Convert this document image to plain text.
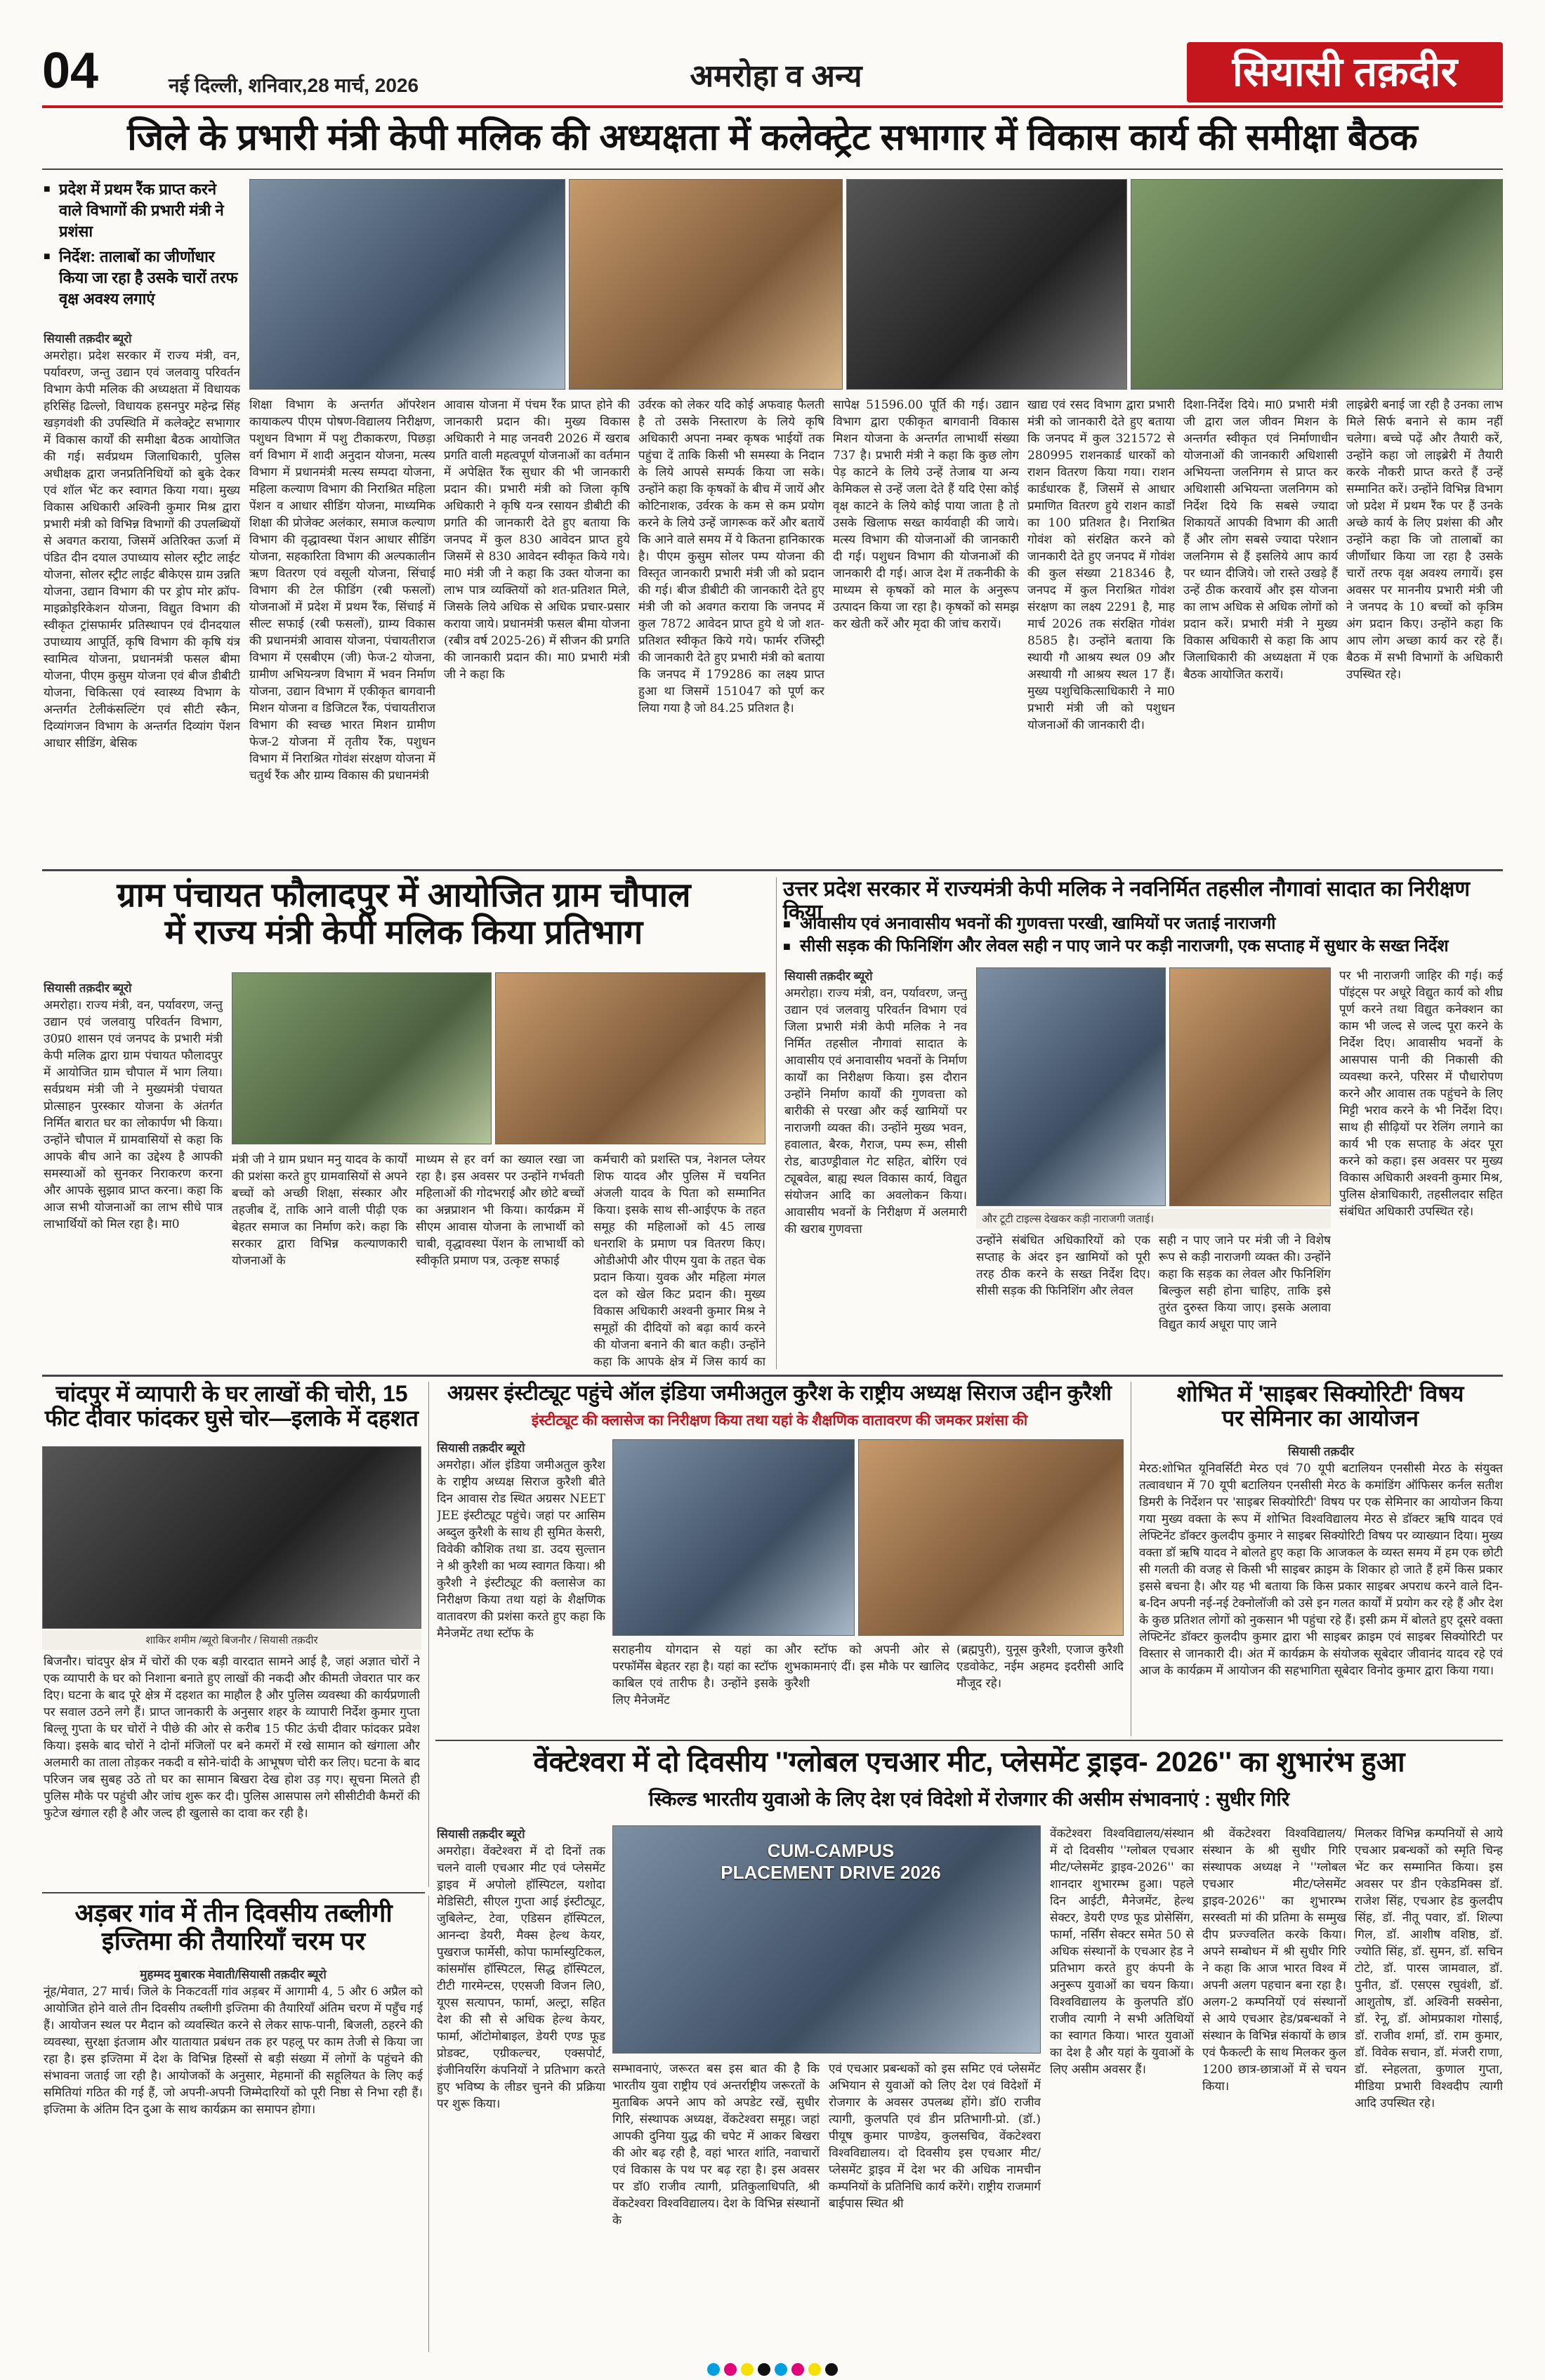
04	नई दिल्ली, शनिवार,28 मार्च, 2026	अमरोहा व अन्य	सियासी तक़दीर
जिले के प्रभारी मंत्री केपी मलिक की अध्यक्षता में कलेक्ट्रेट सभागार में विकास कार्य की समीक्षा बैठक
■ प्रदेश में प्रथम रैंक प्राप्त करने वाले विभागों की प्रभारी मंत्री ने प्रशंसा
■ निर्देश: तालाबों का जीर्णोधार किया जा रहा है उसके चारों तरफ वृक्ष अवश्य लगाएं
सियासी तक़दीर ब्यूरो
अमरोहा। प्रदेश सरकार में राज्य मंत्री, वन, पर्यावरण, जन्तु उद्यान एवं जलवायु परिवर्तन विभाग केपी मलिक की अध्यक्षता में विधायक हरिसिंह ढिल्लो, विधायक हसनपुर महेन्द्र सिंह खड़गवंशी की उपस्थिति में कलेक्ट्रेट सभागार में विकास कार्यों की समीक्षा बैठक आयोजित की गई। सर्वप्रथम जिलाधिकारी, पुलिस अधीक्षक द्वारा जनप्रतिनिधियों को बुके देकर एवं शॉल भेंट कर स्वागत किया गया। मुख्य विकास अधिकारी अश्विनी कुमार मिश्र द्वारा प्रभारी मंत्री को विभिन्न विभागों की उपलब्धियों से अवगत कराया, जिसमें अतिरिक्त ऊर्जा में पंडित दीन दयाल उपाध्याय सोलर स्ट्रीट लाईट योजना, सोलर स्ट्रीट लाईट बीकेएस ग्राम उन्नति योजना, उद्यान विभाग की पर ड्रोप मोर क्रॉप-माइक्रोइरिकेशन योजना, विद्युत विभाग की स्वीकृत ट्रांसफार्मर प्रतिस्थापन एवं दीनदयाल उपाध्याय आपूर्ति, कृषि विभाग की कृषि यंत्र स्वामित्व योजना, प्रधानमंत्री फसल बीमा योजना, पीएम कुसुम योजना एवं बीज डीबीटी योजना, चिकित्सा एवं स्वास्थ्य विभाग के अन्तर्गत टेलीकंसल्टिंग एवं सीटी स्कैन, दिव्यांगजन विभाग के अन्तर्गत दिव्यांग पेंशन आधार सीडिंग, बेसिक
शिक्षा विभाग के अन्तर्गत ऑपरेशन कायाकल्प पीएम पोषण-विद्यालय निरीक्षण, पशुधन विभाग में पशु टीकाकरण, पिछड़ा वर्ग विभाग में शादी अनुदान योजना, मत्स्य विभाग में प्रधानमंत्री मत्स्य सम्पदा योजना, महिला कल्याण विभाग की निराश्रित महिला पेंशन व आधार सीडिंग योजना, माध्यमिक शिक्षा की प्रोजेक्ट अलंकार, समाज कल्याण विभाग की वृद्धावस्था पेंशन आधार सीडिंग योजना, सहकारिता विभाग की अल्पकालीन ऋण वितरण एवं वसूली योजना, सिंचाई विभाग की टेल फीडिंग (रबी फसलों) योजनाओं में प्रदेश में प्रथम रैंक, सिंचाई में सील्ट सफाई (रबी फसलों), ग्राम्य विकास की प्रधानमंत्री आवास योजना, पंचायतीराज विभाग में एसबीएम (जी) फेज-2 योजना, ग्रामीण अभियन्त्रण विभाग में भवन निर्माण योजना, उद्यान विभाग में एकीकृत बागवानी मिशन योजना व डिजिटल रैंक, पंचायतीराज विभाग की स्वच्छ भारत मिशन ग्रामीण फेज-2 योजना में तृतीय रैंक, पशुधन विभाग में निराश्रित गोवंश संरक्षण योजना में चतुर्थ रैंक और ग्राम्य विकास की प्रधानमंत्री
आवास योजना में पंचम रैंक प्राप्त होने की जानकारी प्रदान की। मुख्य विकास अधिकारी ने माह जनवरी 2026 में खराब प्रगति वाली महत्वपूर्ण योजनाओं का वर्तमान में अपेक्षित रैंक सुधार की भी जानकारी प्रदान की। प्रभारी मंत्री को जिला कृषि अधिकारी ने कृषि यन्त्र रसायन डीबीटी की प्रगति की जानकारी देते हुए बताया कि जनपद में कुल 830 आवेदन प्राप्त हुये जिसमें से 830 आवेदन स्वीकृत किये गये। मा0 मंत्री जी ने कहा कि उक्त योजना का लाभ पात्र व्यक्तियों को शत-प्रतिशत मिले, जिसके लिये अधिक से अधिक प्रचार-प्रसार कराया जाये। प्रधानमंत्री फसल बीमा योजना (रबीेत्र वर्ष 2025-26) में सीजन की प्रगति की जानकारी प्रदान की। मा0 प्रभारी मंत्री जी ने कहा कि
उर्वरक को लेकर यदि कोई अफवाह फैलती है तो उसके निस्तारण के लिये कृषि अधिकारी अपना नम्बर कृषक भाईयों तक पहुंचा दें ताकि किसी भी समस्या के निदान के लिये आपसे सम्पर्क किया जा सके। उन्होंने कहा कि कृषकों के बीच में जायें और कोटिनाशक, उर्वरक के कम से कम प्रयोग करने के लिये उन्हें जागरूक करें और बतायें कि आने वाले समय में ये कितना हानिकारक है। पीएम कुसुम सोलर पम्प योजना की विस्तृत जानकारी प्रभारी मंत्री जी को प्रदान की गई। बीज डीबीटी की जानकारी देते हुए मंत्री जी को अवगत कराया कि जनपद में कुल 7872 आवेदन प्राप्त हुये थे जो शत-प्रतिशत स्वीकृत किये गये। फार्मर रजिस्ट्री की जानकारी देते हुए प्रभारी मंत्री को बताया कि जनपद में 179286 का लक्ष्य प्राप्त हुआ था जिसमें 151047 को पूर्ण कर लिया गया है जो 84.25 प्रतिशत है।
सापेक्ष 51596.00 पूर्ति की गई। उद्यान विभाग द्वारा एकीकृत बागवानी विकास मिशन योजना के अन्तर्गत लाभार्थी संख्या 737 है। प्रभारी मंत्री ने कहा कि कुछ लोग पेड़ काटने के लिये उन्हें तेजाब या अन्य केमिकल से उन्हें जला देते हैं यदि ऐसा कोई वृक्ष काटने के लिये कोई पाया जाता है तो उसके खिलाफ सख्त कार्यवाही की जाये। मत्स्य विभाग की योजनाओं की जानकारी दी गई। पशुधन विभाग की योजनाओं की जानकारी दी गई। आज देश में तकनीकी के माध्यम से कृषकों को माल के अनुरूप उत्पादन किया जा रहा है। कृषकों को समझ कर खेती करें और मृदा की जांच करायें।
खाद्य एवं रसद विभाग द्वारा प्रभारी मंत्री को जानकारी देते हुए बताया कि जनपद में कुल 321572 से 280995 राशनकार्ड धारकों को राशन वितरण किया गया। राशन कार्डधारक हैं, जिसमें से आधार प्रमाणित वितरण हुये राशन कार्डों का 100 प्रतिशत है। निराश्रित गोवंश को संरक्षित करने को जानकारी देते हुए जनपद में गोवंश की कुल संख्या 218346 है, जनपद में कुल निराश्रित गोवंश संरक्षण का लक्ष्य 2291 है, माह मार्च 2026 तक संरक्षित गोवंश 8585 है। उन्होंने बताया कि स्थायी गौ आश्रय स्थल 09 और अस्थायी गौ आश्रय स्थल 17 हैं। मुख्य पशुचिकित्साधिकारी ने मा0 प्रभारी मंत्री जी को पशुधन योजनाओं की जानकारी दी।
दिशा-निर्देश दिये। मा0 प्रभारी मंत्री जी द्वारा जल जीवन मिशन के अन्तर्गत स्वीकृत एवं निर्माणाधीन योजनाओं की जानकारी अधिशासी अभियन्ता जलनिगम से प्राप्त कर अधिशासी अभियन्ता जलनिगम को निर्देश दिये कि सबसे ज्यादा शिकायतें आपकी विभाग की आती हैं और लोग सबसे ज्यादा परेशान जलनिगम से हैं इसलिये आप कार्य पर ध्यान दीजिये। जो रास्ते उखड़े हैं उन्हें ठीक करवायें और इस योजना का लाभ अधिक से अधिक लोगों को प्रदान करें। प्रभारी मंत्री ने मुख्य विकास अधिकारी से कहा कि आप जिलाधिकारी की अध्यक्षता में एक बैठक आयोजित करायें।
लाइब्रेरी बनाई जा रही है उनका लाभ मिले सिर्फ बनाने से काम नहीं चलेगा। बच्चे पढ़ें और तैयारी करें, उन्होंने कहा जो लाइब्रेरी में तैयारी करके नौकरी प्राप्त करते हैं उन्हें सम्मानित करें। उन्होंने विभिन्न विभाग जो प्रदेश में प्रथम रैंक पर हैं उनके अच्छे कार्य के लिए प्रशंसा की और उन्होंने कहा कि जो तालाबों का जीर्णोधार किया जा रहा है उसके चारों तरफ वृक्ष अवश्य लगायें। इस अवसर पर माननीय प्रभारी मंत्री जी ने जनपद के 10 बच्चों को कृत्रिम अंग प्रदान किए। उन्होंने कहा कि आप लोग अच्छा कार्य कर रहे हैं। बैठक में सभी विभागों के अधिकारी उपस्थित रहे।
ग्राम पंचायत फौलादपुर में आयोजित ग्राम चौपाल
में राज्य मंत्री केपी मलिक किया प्रतिभाग
सियासी तक़दीर ब्यूरो
अमरोहा। राज्य मंत्री, वन, पर्यावरण, जन्तु उद्यान एवं जलवायु परिवर्तन विभाग, उ0प्र0 शासन एवं जनपद के प्रभारी मंत्री केपी मलिक द्वारा ग्राम पंचायत फौलादपुर में आयोजित ग्राम चौपाल में भाग लिया। सर्वप्रथम मंत्री जी ने मुख्यमंत्री पंचायत प्रोत्साहन पुरस्कार योजना के अंतर्गत निर्मित बारात घर का लोकार्पण भी किया। उन्होंने चौपाल में ग्रामवासियों से कहा कि आपके बीच आने का उद्देश्य है आपकी समस्याओं को सुनकर निराकरण करना और आपके सुझाव प्राप्त करना। कहा कि आज सभी योजनाओं का लाभ सीधे पात्र लाभार्थियों को मिल रहा है। मा0
मंत्री जी ने ग्राम प्रधान मनु यादव के कार्यों की प्रशंसा करते हुए ग्रामवासियों से अपने बच्चों को अच्छी शिक्षा, संस्कार और तहजीब दें, ताकि आने वाली पीढ़ी एक बेहतर समाज का निर्माण करे। कहा कि सरकार द्वारा विभिन्न कल्याणकारी योजनाओं के
माध्यम से हर वर्ग का ख्याल रखा जा रहा है। इस अवसर पर उन्होंने गर्भवती महिलाओं की गोदभराई और छोटे बच्चों का अन्नप्राशन भी किया। कार्यक्रम में सीएम आवास योजना के लाभार्थी को चाबी, वृद्धावस्था पेंशन के लाभार्थी को स्वीकृति प्रमाण पत्र, उत्कृष्ट सफाई
कर्मचारी को प्रशस्ति पत्र, नेशनल प्लेयर शिफ यादव और पुलिस में चयनित अंजली यादव के पिता को सम्मानित किया। इसके साथ सी-आईएफ के तहत समूह की महिलाओं को 45 लाख धनराशि के प्रमाण पत्र वितरण किए। ओडीओपी और पीएम युवा के तहत चेक प्रदान किया। युवक और महिला मंगल दल को खेल किट प्रदान की। मुख्य विकास अधिकारी अश्वनी कुमार मिश्र ने समूहों की दीदियों को बढ़ा कार्य करने की योजना बनाने की बात कही। उन्होंने कहा कि आपके क्षेत्र में जिस कार्य का
उत्तर प्रदेश सरकार में राज्यमंत्री केपी मलिक ने नवनिर्मित तहसील नौगावां सादात का निरीक्षण किया
■ आवासीय एवं अनावासीय भवनों की गुणवत्ता परखी, खामियों पर जताई नाराजगी
■ सीसी सड़क की फिनिशिंग और लेवल सही न पाए जाने पर कड़ी नाराजगी, एक सप्ताह में सुधार के सख्त निर्देश
सियासी तक़दीर ब्यूरो
अमरोहा। राज्य मंत्री, वन, पर्यावरण, जन्तु उद्यान एवं जलवायु परिवर्तन विभाग एवं जिला प्रभारी मंत्री केपी मलिक ने नव निर्मित तहसील नौगावां सादात के आवासीय एवं अनावासीय भवनों के निर्माण कार्यों का निरीक्षण किया। इस दौरान उन्होंने निर्माण कार्यों की गुणवत्ता को बारीकी से परखा और कई खामियों पर नाराजगी व्यक्त की। उन्होंने मुख्य भवन, हवालात, बैरक, गैराज, पम्प रूम, सीसी रोड, बाउण्ड्रीवाल गेट सहित, बोरिंग एवं ट्यूबवेल, बाह्य स्थल विकास कार्य, विद्युत संयोजन आदि का अवलोकन किया। आवासीय भवनों के निरीक्षण में अलमारी की खराब गुणवत्ता
और टूटी टाइल्स देखकर कड़ी नाराजगी जताई।
उन्होंने संबंधित अधिकारियों को एक सप्ताह के अंदर इन खामियों को पूरी तरह ठीक करने के सख्त निर्देश दिए। सीसी सड़क की फिनिशिंग और लेवल
सही न पाए जाने पर मंत्री जी ने विशेष रूप से कड़ी नाराजगी व्यक्त की। उन्होंने कहा कि सड़क का लेवल और फिनिशिंग बिल्कुल सही होना चाहिए, ताकि इसे तुरंत दुरुस्त किया जाए। इसके अलावा विद्युत कार्य अधूरा पाए जाने
पर भी नाराजगी जाहिर की गई। कई पॉइंट्स पर अधूरे विद्युत कार्य को शीघ्र पूर्ण करने तथा विद्युत कनेक्शन का काम भी जल्द से जल्द पूरा करने के निर्देश दिए। आवासीय भवनों के आसपास पानी की निकासी की व्यवस्था करने, परिसर में पौधारोपण करने और आवास तक पहुंचने के लिए मिट्टी भराव करने के भी निर्देश दिए। साथ ही सीढ़ियों पर रेलिंग लगाने का कार्य भी एक सप्ताह के अंदर पूरा करने को कहा। इस अवसर पर मुख्य विकास अधिकारी अश्वनी कुमार मिश्र, पुलिस क्षेत्राधिकारी, तहसीलदार सहित संबंधित अधिकारी उपस्थित रहे।
चांदपुर में व्यापारी के घर लाखों की चोरी, 15 फीट दीवार फांदकर घुसे चोर—इलाके में दहशत
शाकिर शमीम /ब्यूरो बिजनौर / सियासी तक़दीर
बिजनौर। चांदपुर क्षेत्र में चोरों की एक बड़ी वारदात सामने आई है, जहां अज्ञात चोरों ने एक व्यापारी के घर को निशाना बनाते हुए लाखों की नकदी और कीमती जेवरात पार कर दिए। घटना के बाद पूरे क्षेत्र में दहशत का माहौल है और पुलिस व्यवस्था की कार्यप्रणाली पर सवाल उठने लगे हैं। प्राप्त जानकारी के अनुसार शहर के व्यापारी निर्देश कुमार गुप्ता बिल्लू गुप्ता के घर चोरों ने पीछे की ओर से करीब 15 फीट ऊंची दीवार फांदकर प्रवेश किया। इसके बाद चोरों ने दोनों मंजिलों पर बने कमरों में रखे सामान को खंगाला और अलमारी का ताला तोड़कर नकदी व सोने-चांदी के आभूषण चोरी कर लिए। घटना के बाद परिजन जब सुबह उठे तो घर का सामान बिखरा देख होश उड़ गए। सूचना मिलते ही पुलिस मौके पर पहुंची और जांच शुरू कर दी। पुलिस आसपास लगे सीसीटीवी कैमरों की फुटेज खंगाल रही है और जल्द ही खुलासे का दावा कर रही है।
अग्रसर इंस्टीट्यूट पहुंचे ऑल इंडिया जमीअतुल कुरैश के राष्ट्रीय अध्यक्ष सिराज उद्दीन कुरैशी
इंस्टीट्यूट की क्लासेज का निरीक्षण किया तथा यहां के शैक्षणिक वातावरण की जमकर प्रशंसा की
सियासी तक़दीर ब्यूरो
अमरोहा। ऑल इंडिया जमीअतुल कुरैश के राष्ट्रीय अध्यक्ष सिराज कुरैशी बीते दिन आवास रोड स्थित अग्रसर NEET JEE इंस्टीट्यूट पहुंचे। जहां पर आसिम अब्दुल कुरैशी के साथ ही सुमित केसरी, विवेकी कौशिक तथा डा. उदय सुल्तान ने श्री कुरैशी का भव्य स्वागत किया। श्री कुरैशी ने इंस्टीट्यूट की क्लासेज का निरीक्षण किया तथा यहां के शैक्षणिक वातावरण की प्रशंसा करते हुए कहा कि मैनेजमेंट तथा स्टॉफ के
सराहनीय योगदान से यहां का परफॉर्मेंस बेहतर रहा है। यहां का स्टॉफ काबिल एवं तारीफ है। उन्होंने इसके लिए मैनेजमेंट
और स्टॉफ को अपनी ओर से शुभकामनाएं दीं। इस मौके पर खालिद कुरैशी
(ब्रह्मपुरी), युनूस कुरैशी, एजाज कुरैशी एडवोकेट, नईम अहमद इदरीसी आदि मौजूद रहे।
शोभित में 'साइबर सिक्योरिटी' विषय
पर सेमिनार का आयोजन
सियासी तक़दीर
मेरठ:शोभित यूनिवर्सिटी मेरठ एवं 70 यूपी बटालियन एनसीसी मेरठ के संयुक्त तत्वावधान में 70 यूपी बटालियन एनसीसी मेरठ के कमांडिंग ऑफिसर कर्नल सतीश डिमरी के निर्देशन पर 'साइबर सिक्योरिटी' विषय पर एक सेमिनार का आयोजन किया गया मुख्य वक्ता के रूप में शोभित विश्वविद्यालय मेरठ से डॉक्टर ऋषि यादव एवं लेफ्टिनेंट डॉक्टर कुलदीप कुमार ने साइबर सिक्योरिटी विषय पर व्याख्यान दिया। मुख्य वक्ता डॉ ऋषि यादव ने बोलते हुए कहा कि आजकल के व्यस्त समय में हम एक छोटी सी गलती की वजह से किसी भी साइबर क्राइम के शिकार हो जाते हैं हमें किस प्रकार इससे बचना है। और यह भी बताया कि किस प्रकार साइबर अपराध करने वाले दिन-ब-दिन अपनी नई-नई टेक्नोलॉजी को उसे इन गलत कार्यों में प्रयोग कर रहे हैं और देश के कुछ प्रतिशत लोगों को नुकसान भी पहुंचा रहे हैं। इसी क्रम में बोलते हुए दूसरे वक्ता लेफ्टिनेंट डॉक्टर कुलदीप कुमार द्वारा भी साइबर क्राइम एवं साइबर सिक्योरिटी पर विस्तार से जानकारी दी। अंत में कार्यक्रम के संयोजक सूबेदार जीवानंद यादव रहे एवं आज के कार्यक्रम में आयोजन की सहभागिता सूबेदार विनोद कुमार द्वारा किया गया।
वेंक्टेश्वरा में दो दिवसीय ''ग्लोबल एचआर मीट, प्लेसमेंट ड्राइव- 2026'' का शुभारंभ हुआ
स्किल्ड भारतीय युवाओ के लिए देश एवं विदेशो में रोजगार की असीम संभावनाएं : सुधीर गिरि
सियासी तक़दीर ब्यूरो
अमरोहा। वेंक्टेश्वरा में दो दिनों तक चलने वाली एचआर मीट एवं प्लेसमेंट ड्राइव में अपोलो हॉस्पिटल, यशोदा मेडिसिटी, सीएल गुप्ता आई इंस्टीट्यूट, जुबिलेन्ट, टेवा, एडिसन हॉस्पिटल, आनन्दा डेयरी, मैक्स हेल्थ केयर, पुखराज फार्मेसी, कोपा फार्मास्युटिकल, कांसमॉस हॉस्पिटल, सिद्ध हॉस्पिटल, टीटी गारमेन्टस, एएसजी विजन लि0, यूएस सत्यापन, फार्मा, अल्ट्रा, सहित देश की सौ से अधिक हेल्थ केयर, फार्मा, ऑटोमोबाइल, डेयरी एण्ड फूड प्रोडक्ट, एग्रीकल्चर, एक्सपोर्ट, इंजीनियरिंग कंपनियों ने प्रतिभाग करते हुए भविष्य के लीडर चुनने की प्रक्रिया पर शुरू किया।
CUM-CAMPUS PLACEMENT DRIVE 2026
सम्भावनाएं, जरूरत बस इस बात की है कि भारतीय युवा राष्ट्रीय एवं अन्तर्राष्ट्रीय जरूरतों के मुताबिक अपने आप को अपडेट रखें, सुधीर गिरि, संस्थापक अध्यक्ष, वेंकटेश्वरा समूह। जहां आपकी दुनिया युद्ध की चपेट में आकर बिखरा की ओर बढ़ रही है, वहां भारत शांति, नवाचारों एवं विकास के पथ पर बढ़ रहा है। इस अवसर पर डॉ0 राजीव त्यागी, प्रतिकुलाधिपति, श्री वेंकटेश्वरा विश्वविद्यालय। देश के विभिन्न संस्थानों के
एवं एचआर प्रबन्धकों को इस समिट एवं प्लेसमेंट अभियान से युवाओं को लिए देश एवं विदेशों में रोजगार के अवसर उपलब्ध होंगे। डॉ0 राजीव त्यागी, कुलपति एवं डीन प्रतिभागी-प्रो. (डॉ.) पीयूष कुमार पाण्डेय, कुलसचिव, वेंकटेश्वरा विश्वविद्यालय। दो दिवसीय इस एचआर मीट/प्लेसमेंट ड्राइव में देश भर की अधिक नामचीन कम्पनियों के प्रतिनिधि कार्य करेंगे। राष्ट्रीय राजमार्ग बाईपास स्थित श्री
वेंकटेश्वरा विश्वविद्यालय/संस्थान में दो दिवसीय ''ग्लोबल एचआर मीट/प्लेसमेंट ड्राइव-2026'' का शानदार शुभारम्भ हुआ। पहले दिन आईटी, मैनेजमेंट, हेल्थ सेक्टर, डेयरी एण्ड फूड प्रोसेसिंग, फार्मा, नर्सिंग सेक्टर समेत 50 से अधिक संस्थानों के एचआर हेड ने प्रतिभाग करते हुए कंपनी के अनुरूप युवाओं का चयन किया। विश्वविद्यालय के कुलपति डॉ0 राजीव त्यागी ने सभी अतिथियों का स्वागत किया। भारत युवाओं का देश है और यहां के युवाओं के लिए असीम अवसर हैं।
श्री वेंकटेश्वरा विश्वविद्यालय/संस्थान के श्री सुधीर गिरि संस्थापक अध्यक्ष ने ''ग्लोबल एचआर मीट/प्लेसमेंट ड्राइव-2026'' का शुभारम्भ सरस्वती मां की प्रतिमा के सम्मुख दीप प्रज्ज्वलित करके किया। अपने सम्बोधन में श्री सुधीर गिरि ने कहा कि आज भारत विश्व में अपनी अलग पहचान बना रहा है। अलग-2 कम्पनियों एवं संस्थानों से आये एचआर हेड/प्रबन्धकों ने संस्थान के विभिन्न संकायों के छात्र एवं फैकल्टी के साथ मिलकर कुल 1200 छात्र-छात्राओं में से चयन किया।
मिलकर विभिन्न कम्पनियों से आये एचआर प्रबन्धकों को स्मृति चिन्ह भेंट कर सम्मानित किया। इस अवसर पर डीन एकेडमिक्स डॉ. राजेश सिंह, एचआर हेड कुलदीप सिंह, डॉ. नीतू पवार, डॉ. शिल्पा गिल, डॉ. आशीष वशिष्ठ, डॉ. ज्योति सिंह, डॉ. सुमन, डॉ. सचिन टोटे, डॉ. पारस जामवाल, डॉ. पुनीत, डॉ. एसएस रघुवंशी, डॉ. आशुतोष, डॉ. अश्विनी सक्सेना, डॉ. रेनू, डॉ. ओमप्रकाश गोसाई, डॉ. राजीव शर्मा, डॉ. राम कुमार, डॉ. विवेक सचान, डॉ. मंजरी राणा, डॉ. स्नेहलता, कुणाल गुप्ता, मीडिया प्रभारी विश्वदीप त्यागी आदि उपस्थित रहे।
अड़बर गांव में तीन दिवसीय तब्लीगी
इज्तिमा की तैयारियाँ चरम पर
मुहम्मद मुबारक मेवाती/सियासी तक़दीर ब्यूरो
नूंह/मेवात, 27 मार्च। जिले के निकटवर्ती गांव अड़बर में आगामी 4, 5 और 6 अप्रैल को आयोजित होने वाले तीन दिवसीय तब्लीगी इज्तिमा की तैयारियाँ अंतिम चरण में पहुँच गई हैं। आयोजन स्थल पर मैदान को व्यवस्थित करने से लेकर साफ-पानी, बिजली, ठहरने की व्यवस्था, सुरक्षा इंतजाम और यातायात प्रबंधन तक हर पहलू पर काम तेजी से किया जा रहा है। इस इज्तिमा में देश के विभिन्न हिस्सों से बड़ी संख्या में लोगों के पहुंचने की संभावना जताई जा रही है। आयोजकों के अनुसार, मेहमानों की सहूलियत के लिए कई समितियां गठित की गई हैं, जो अपनी-अपनी जिम्मेदारियों को पूरी निष्ठा से निभा रही हैं। इज्तिमा के अंतिम दिन दुआ के साथ कार्यक्रम का समापन होगा।
